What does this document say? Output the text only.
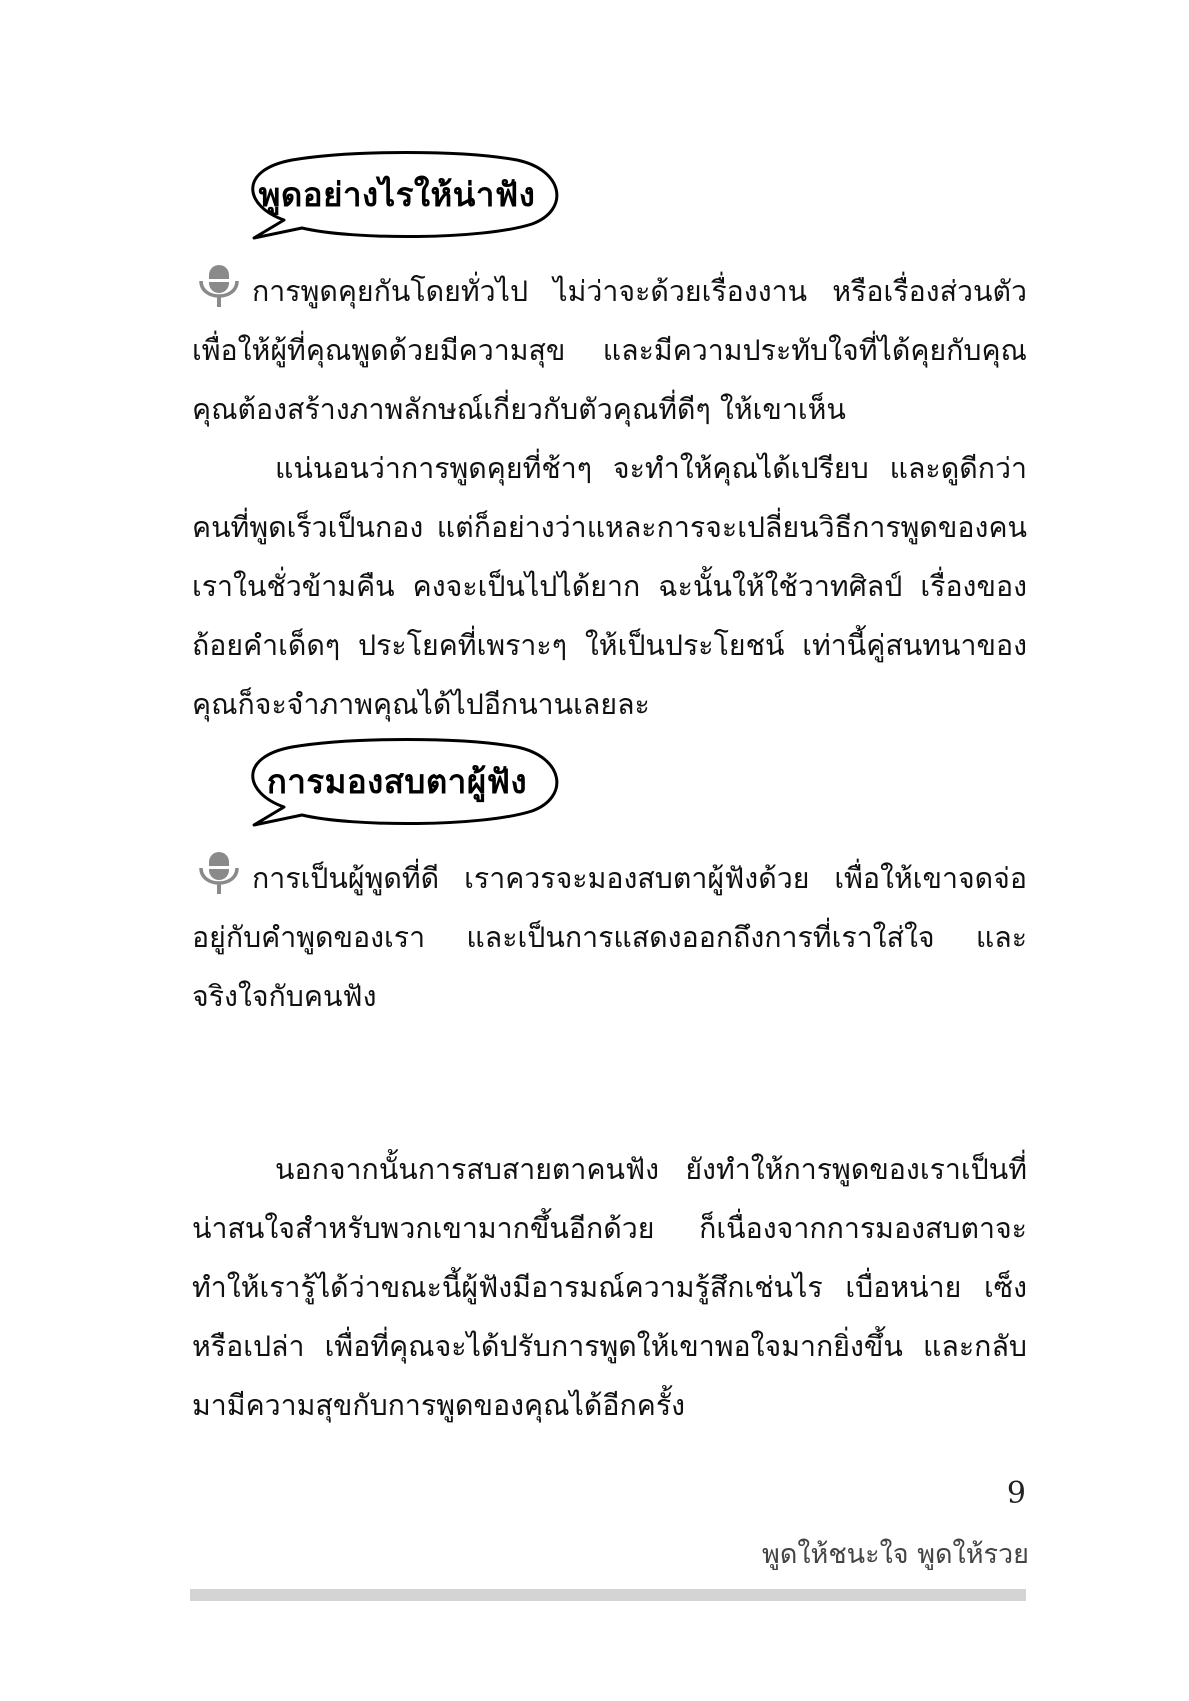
พูดอย่างไรให้น่าฟัง

การพูดคุยกันโดยทั่วไป ไม่ว่าจะด้วยเรื่องงาน หรือเรื่องส่วนตัว เพื่อให้ผู้ที่คุณพูดด้วยมีความสุข และมีความประทับใจที่ได้คุยกับคุณ คุณต้องสร้างภาพลักษณ์เกี่ยวกับตัวคุณที่ดีๆ ให้เขาเห็น

แน่นอนว่าการพูดคุยที่ช้าๆ จะทำให้คุณได้เปรียบ และดูดีกว่าคนที่พูดเร็วเป็นกอง แต่ก็อย่างว่าแหละการจะเปลี่ยนวิธีการพูดของคนเราในชั่วข้ามคืน คงจะเป็นไปได้ยาก ฉะนั้นให้ใช้วาทศิลป์ เรื่องของถ้อยคำเด็ดๆ ประโยคที่เพราะๆ ให้เป็นประโยชน์ เท่านี้คู่สนทนาของคุณก็จะจำภาพคุณได้ไปอีกนานเลยละ

การมองสบตาผู้ฟัง

การเป็นผู้พูดที่ดี เราควรจะมองสบตาผู้ฟังด้วย เพื่อให้เขาจดจ่ออยู่กับคำพูดของเรา และเป็นการแสดงออกถึงการที่เราใส่ใจ และจริงใจกับคนฟัง

นอกจากนั้นการสบสายตาคนฟัง ยังทำให้การพูดของเราเป็นที่น่าสนใจสำหรับพวกเขามากขึ้นอีกด้วย ก็เนื่องจากการมองสบตาจะทำให้เรารู้ได้ว่าขณะนี้ผู้ฟังมีอารมณ์ความรู้สึกเช่นไร เบื่อหน่าย เซ็งหรือเปล่า เพื่อที่คุณจะได้ปรับการพูดให้เขาพอใจมากยิ่งขึ้น และกลับมามีความสุขกับการพูดของคุณได้อีกครั้ง

9
พูดให้ชนะใจ พูดให้รวย
